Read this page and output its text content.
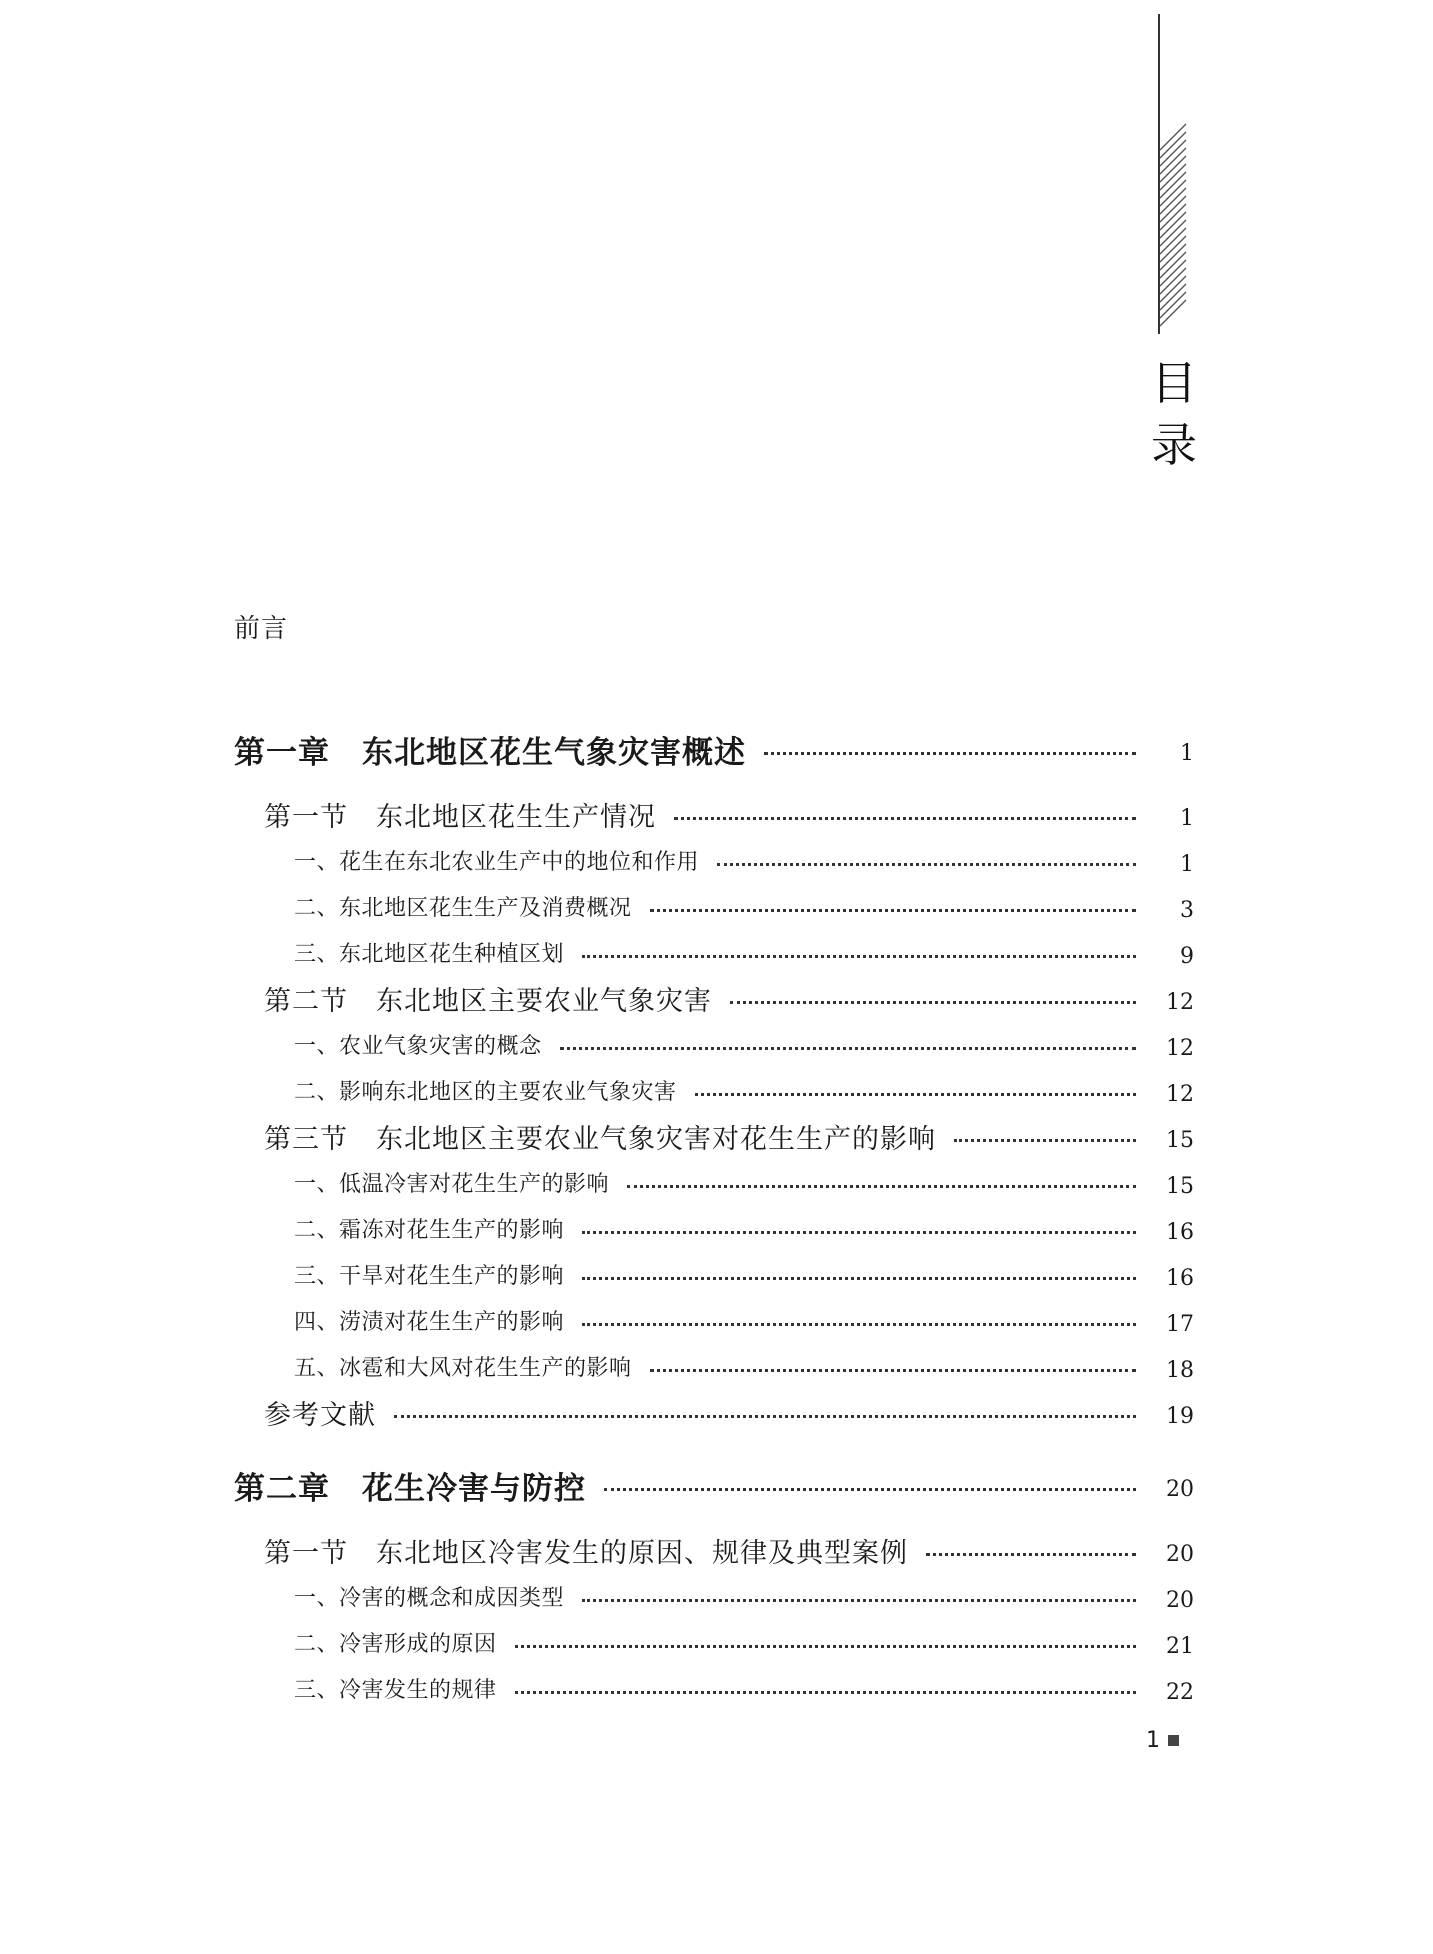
目
录
前言
第一章　东北地区花生气象灾害概述	1
第一节　东北地区花生生产情况	1
一、花生在东北农业生产中的地位和作用	1
二、东北地区花生生产及消费概况	3
三、东北地区花生种植区划	9
第二节　东北地区主要农业气象灾害	12
一、农业气象灾害的概念	12
二、影响东北地区的主要农业气象灾害	12
第三节　东北地区主要农业气象灾害对花生生产的影响	15
一、低温冷害对花生生产的影响	15
二、霜冻对花生生产的影响	16
三、干旱对花生生产的影响	16
四、涝渍对花生生产的影响	17
五、冰雹和大风对花生生产的影响	18
参考文献	19
第二章　花生冷害与防控	20
第一节　东北地区冷害发生的原因、规律及典型案例	20
一、冷害的概念和成因类型	20
二、冷害形成的原因	21
三、冷害发生的规律	22
1
